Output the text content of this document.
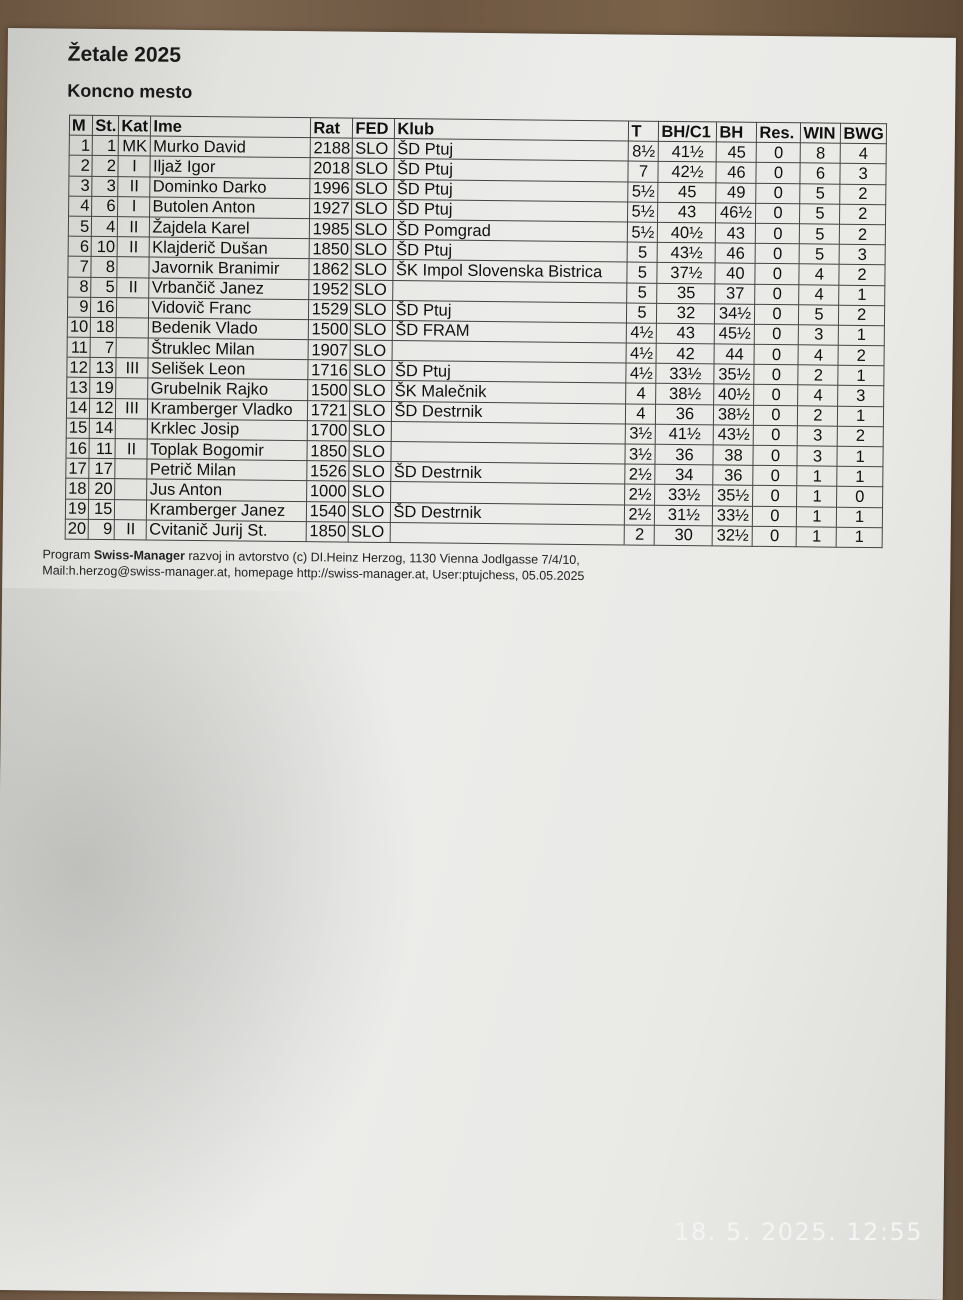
Žetale 2025
Koncno mesto
M	St.	Kat	Ime	Rat	FED	Klub	T	BH/C1	BH	Res.	WIN	BWG
1	1	MK	Murko David	2188	SLO	ŠD Ptuj	8½	41½	45	0	8	4
2	2	I	Iljaž Igor	2018	SLO	ŠD Ptuj	7	42½	46	0	6	3
3	3	II	Dominko Darko	1996	SLO	ŠD Ptuj	5½	45	49	0	5	2
4	6	I	Butolen Anton	1927	SLO	ŠD Ptuj	5½	43	46½	0	5	2
5	4	II	Žajdela Karel	1985	SLO	ŠD Pomgrad	5½	40½	43	0	5	2
6	10	II	Klajderič Dušan	1850	SLO	ŠD Ptuj	5	43½	46	0	5	3
7	8		Javornik Branimir	1862	SLO	ŠK Impol Slovenska Bistrica	5	37½	40	0	4	2
8	5	II	Vrbančič Janez	1952	SLO		5	35	37	0	4	1
9	16		Vidovič Franc	1529	SLO	ŠD Ptuj	5	32	34½	0	5	2
10	18		Bedenik Vlado	1500	SLO	ŠD FRAM	4½	43	45½	0	3	1
11	7		Štruklec Milan	1907	SLO		4½	42	44	0	4	2
12	13	III	Selišek Leon	1716	SLO	ŠD Ptuj	4½	33½	35½	0	2	1
13	19		Grubelnik Rajko	1500	SLO	ŠK Malečnik	4	38½	40½	0	4	3
14	12	III	Kramberger Vladko	1721	SLO	ŠD Destrnik	4	36	38½	0	2	1
15	14		Krklec Josip	1700	SLO		3½	41½	43½	0	3	2
16	11	II	Toplak Bogomir	1850	SLO		3½	36	38	0	3	1
17	17		Petrič Milan	1526	SLO	ŠD Destrnik	2½	34	36	0	1	1
18	20		Jus Anton	1000	SLO		2½	33½	35½	0	1	0
19	15		Kramberger Janez	1540	SLO	ŠD Destrnik	2½	31½	33½	0	1	1
20	9	II	Cvitanič Jurij St.	1850	SLO		2	30	32½	0	1	1
Program Swiss-Manager razvoj in avtorstvo (c) DI.Heinz Herzog, 1130 Vienna Jodlgasse 7/4/10,
Mail:h.herzog@swiss-manager.at, homepage http://swiss-manager.at, User:ptujchess, 05.05.2025
18. 5. 2025. 12:55
